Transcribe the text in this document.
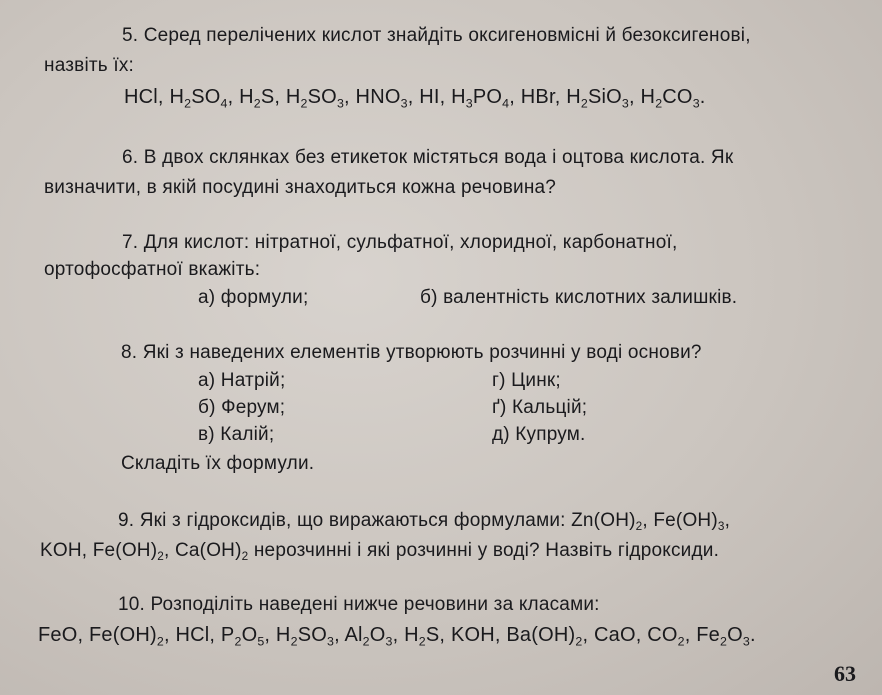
5. Серед перелічених кислот знайдіть оксигеновмісні й безоксигенові,
назвіть їх:
HCl, $H_2SO_4$, $H_2S$, $H_2SO_3$, $HNO_3$, HI, $H_3PO_4$, HBr, $H_2SiO_3$, $H_2CO_3$.
6. В двох склянках без етикеток містяться вода і оцтова кислота. Як
визначити, в якій посудині знаходиться кожна речовина?
7. Для кислот: нітратної, сульфатної, хлоридної, карбонатної,
ортофосфатної вкажіть:
а) формули;	б) валентність кислотних залишків.
8. Які з наведених елементів утворюють розчинні у воді основи?
а) Натрій;	г) Цинк;
б) Ферум;	ґ) Кальцій;
в) Калій;	д) Купрум.
Складіть їх формули.
9. Які з гідроксидів, що виражаються формулами: $Zn(OH)_2$, $Fe(OH)_3$,
KOH, $Fe(OH)_2$, $Ca(OH)_2$ нерозчинні і які розчинні у воді? Назвіть гідроксиди.
10. Розподіліть наведені нижче речовини за класами:
FeO, $Fe(OH)_2$, HCl, $P_2O_5$, $H_2SO_3$, $Al_2O_3$, $H_2S$, KOH, $Ba(OH)_2$, CaO, $CO_2$, $Fe_2O_3$.
63
